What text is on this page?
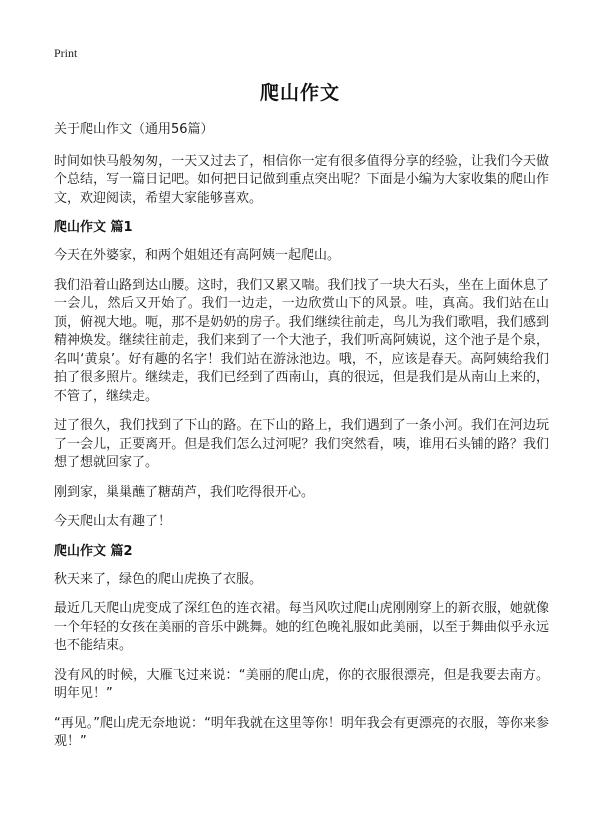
Print
爬山作文

关于爬山作文（通用56篇）

时间如快马般匆匆，一天又过去了，相信你一定有很多值得分享的经验，让我们今天做个总结，写一篇日记吧。如何把日记做到重点突出呢？下面是小编为大家收集的爬山作文，欢迎阅读，希望大家能够喜欢。

爬山作文 篇1

今天在外婆家，和两个姐姐还有高阿姨一起爬山。

我们沿着山路到达山腰。这时，我们又累又喘。我们找了一块大石头，坐在上面休息了一会儿，然后又开始了。我们一边走，一边欣赏山下的风景。哇，真高。我们站在山顶，俯视大地。呃，那不是奶奶的房子。我们继续往前走，鸟儿为我们歌唱，我们感到精神焕发。继续往前走，我们来到了一个大池子，我们听高阿姨说，这个池子是个泉，名叫‘黄泉’。好有趣的名字！我们站在游泳池边。哦，不，应该是春天。高阿姨给我们拍了很多照片。继续走，我们已经到了西南山，真的很远，但是我们是从南山上来的，不管了，继续走。

过了很久，我们找到了下山的路。在下山的路上，我们遇到了一条小河。我们在河边玩了一会儿，正要离开。但是我们怎么过河呢？我们突然看，咦，谁用石头铺的路？我们想了想就回家了。

刚到家，巢巢蘸了糖葫芦，我们吃得很开心。

今天爬山太有趣了！

爬山作文 篇2

秋天来了，绿色的爬山虎换了衣服。

最近几天爬山虎变成了深红色的连衣裙。每当风吹过爬山虎刚刚穿上的新衣服，她就像一个年轻的女孩在美丽的音乐中跳舞。她的红色晚礼服如此美丽，以至于舞曲似乎永远也不能结束。

没有风的时候，大雁飞过来说：“美丽的爬山虎，你的衣服很漂亮，但是我要去南方。明年见！”

“再见。”爬山虎无奈地说：“明年我就在这里等你！明年我会有更漂亮的衣服，等你来参观！”
